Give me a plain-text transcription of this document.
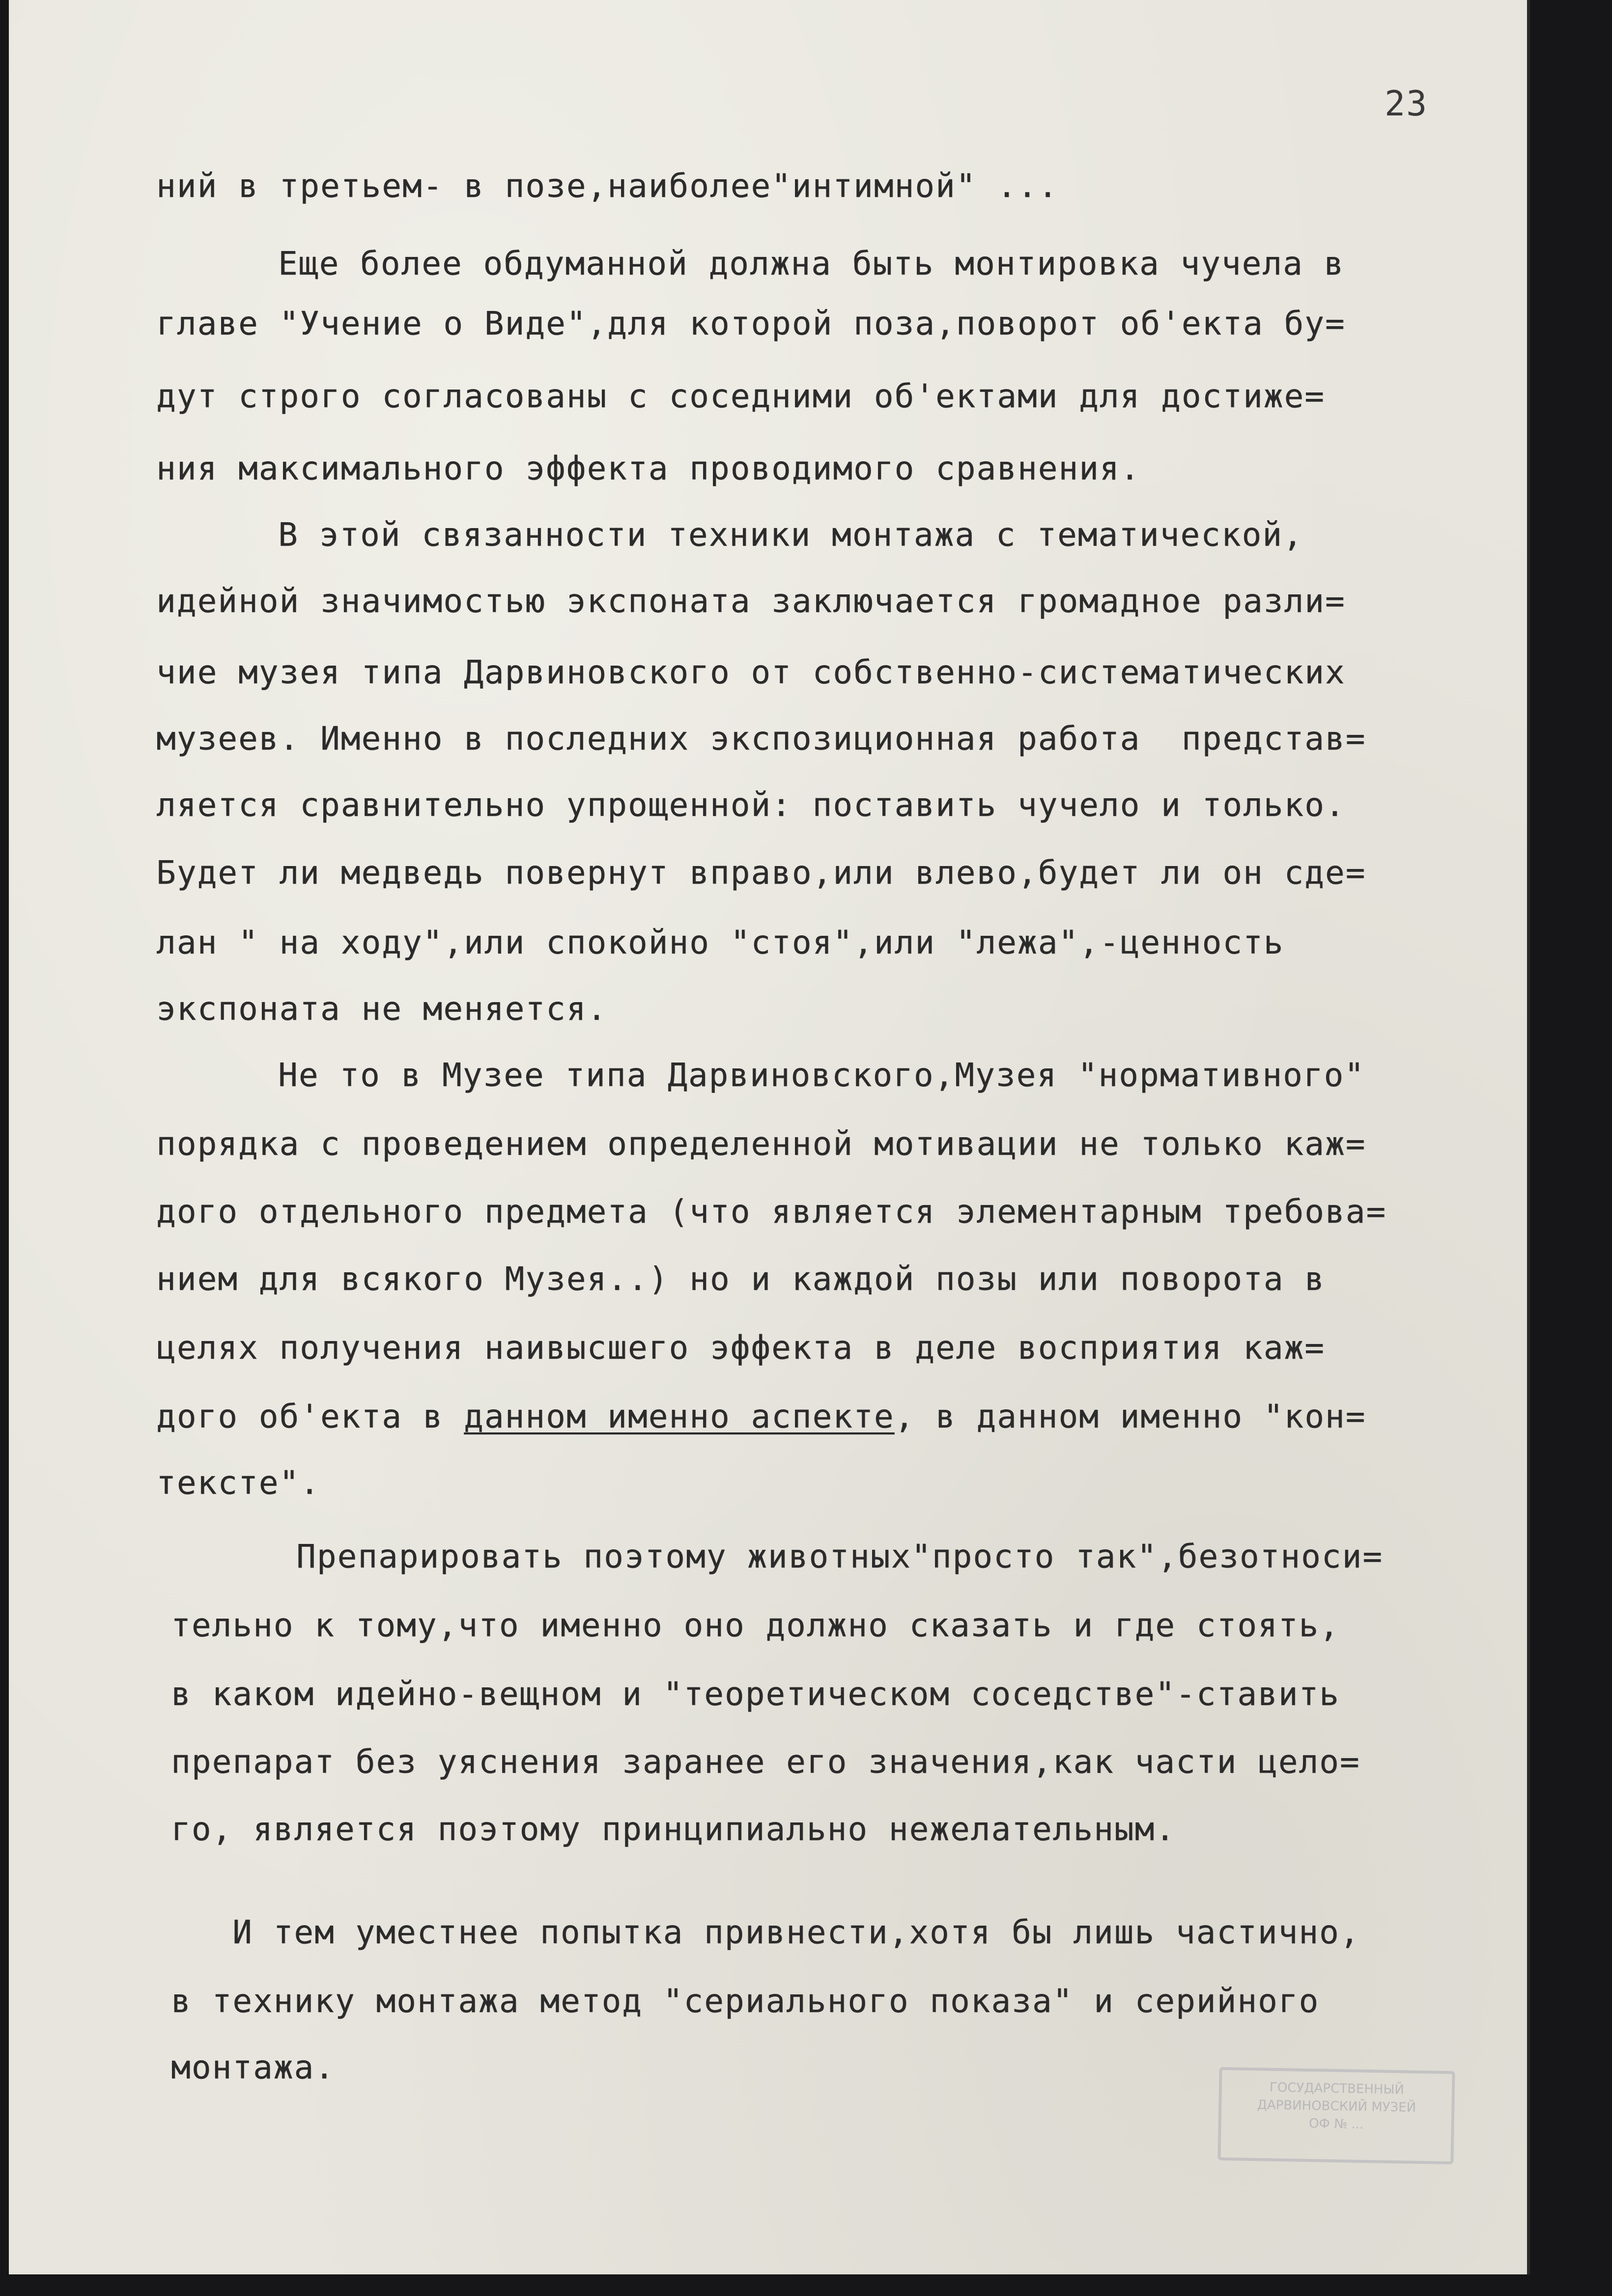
23
ний в третьем- в позе,наиболее"интимной" ...
Еще более обдуманной должна быть монтировка чучела в
главе "Учение о Виде",для которой поза,поворот об'екта бу=
дут строго согласованы с соседними об'ектами для достиже=
ния максимального эффекта проводимого сравнения.
В этой связанности техники монтажа с тематической,
идейной значимостью экспоната заключается громадное разли=
чие музея типа Дарвиновского от собственно-систематических
музеев. Именно в последних экспозиционная работа  представ=
ляется сравнительно упрощенной: поставить чучело и только.
Будет ли медведь повернут вправо,или влево,будет ли он сде=
лан " на ходу",или спокойно "стоя",или "лежа",-ценность
экспоната не меняется.
Не то в Музее типа Дарвиновского,Музея "нормативного"
порядка с проведением определенной мотивации не только каж=
дого отдельного предмета (что является элементарным требова=
нием для всякого Музея..) но и каждой позы или поворота в
целях получения наивысшего эффекта в деле восприятия каж=
дого об'екта в данном именно аспекте, в данном именно "кон=
тексте".
Препарировать поэтому животных"просто так",безотноси=
тельно к тому,что именно оно должно сказать и где стоять,
в каком идейно-вещном и "теоретическом соседстве"-ставить
препарат без уяснения заранее его значения,как части цело=
го, является поэтому принципиально нежелательным.
И тем уместнее попытка привнести,хотя бы лишь частично,
в технику монтажа метод "сериального показа" и серийного
монтажа.
ГОСУДАРСТВЕННЫЙ
ДАРВИНОВСКИЙ МУЗЕЙ
ОФ № ...
